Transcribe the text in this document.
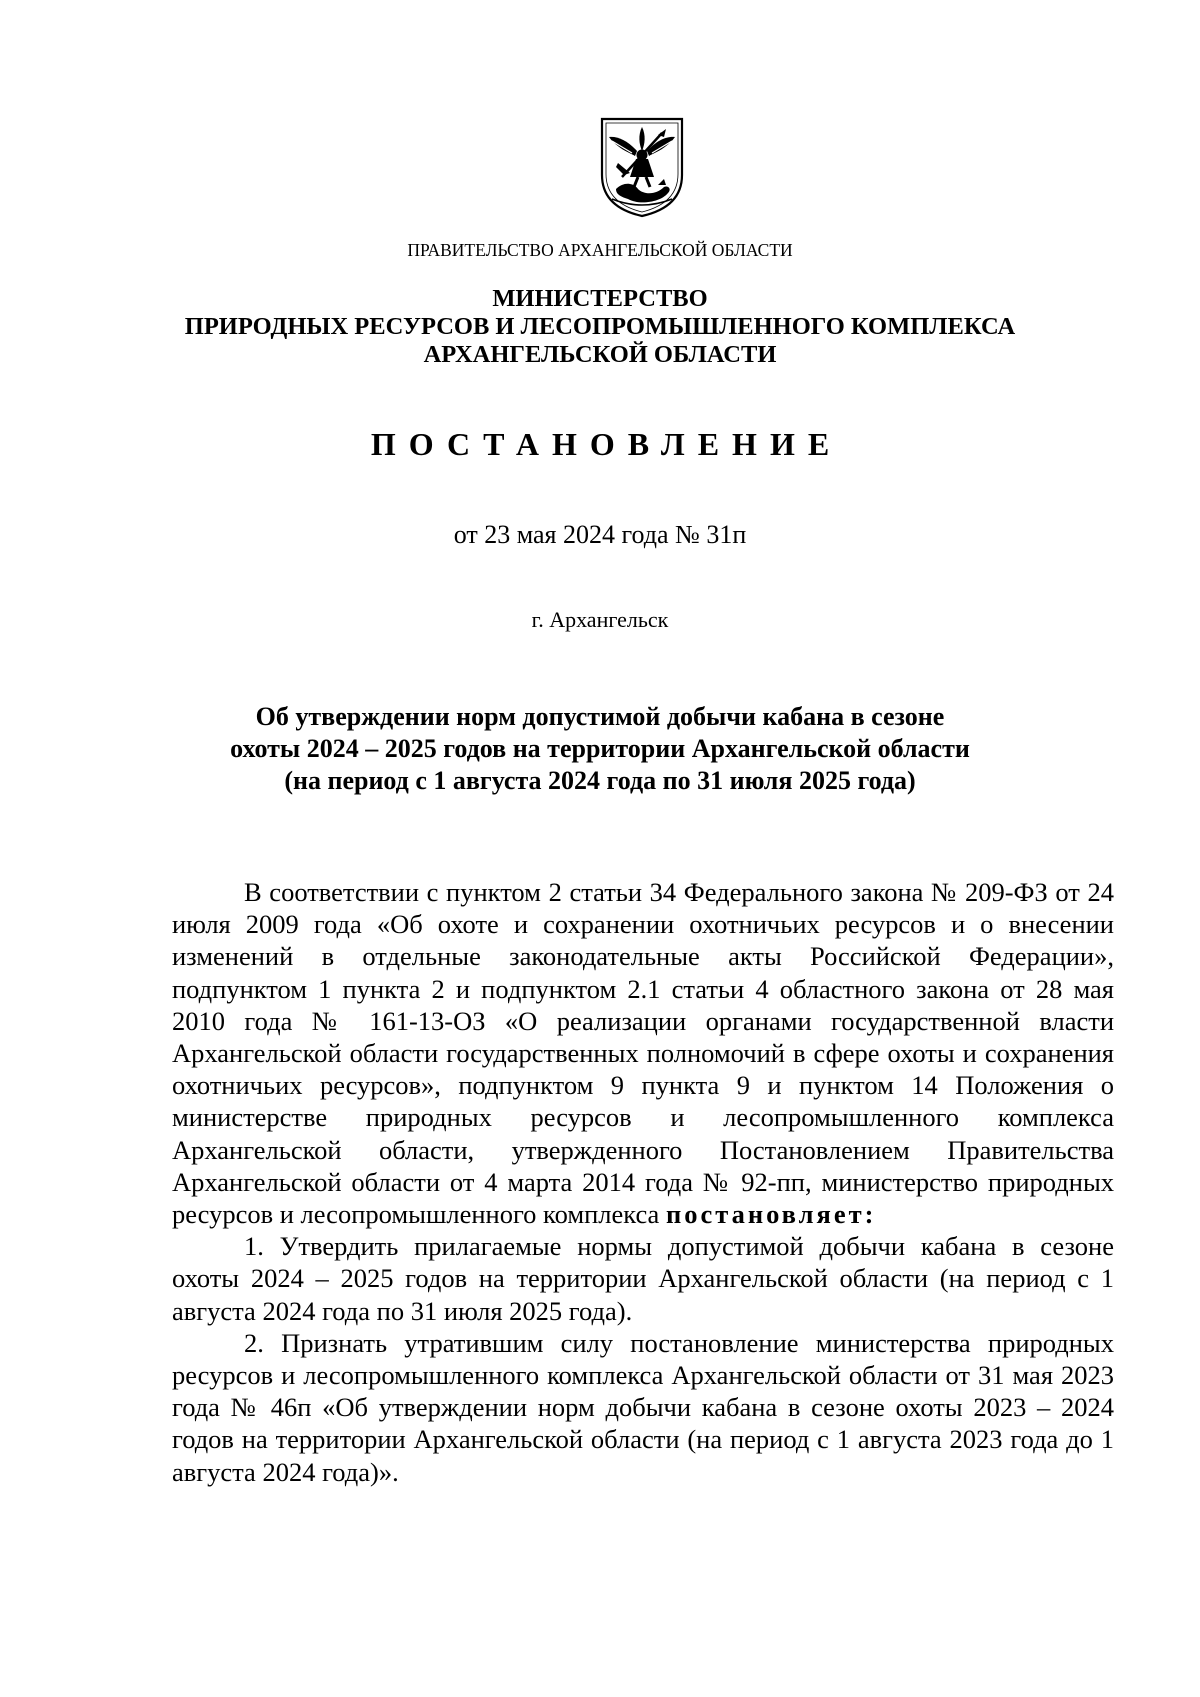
ПРАВИТЕЛЬСТВО АРХАНГЕЛЬСКОЙ ОБЛАСТИ
МИНИСТЕРСТВО
ПРИРОДНЫХ РЕСУРСОВ И ЛЕСОПРОМЫШЛЕННОГО КОМПЛЕКСА
АРХАНГЕЛЬСКОЙ ОБЛАСТИ
ПОСТАНОВЛЕНИЕ
от 23 мая 2024 года № 31п
г. Архангельск
Об утверждении норм допустимой добычи кабана в сезоне
охоты 2024 – 2025 годов на территории Архангельской области
(на период с 1 августа 2024 года по 31 июля 2025 года)

В соответствии с пунктом 2 статьи 34 Федерального закона № 209-ФЗ от 24 июля 2009 года «Об охоте и сохранении охотничьих ресурсов и о внесении изменений в отдельные законодательные акты Российской Федерации», подпунктом 1 пункта 2 и подпунктом 2.1 статьи 4 областного закона от 28 мая 2010 года № 161-13-ОЗ «О реализации органами государственной власти Архангельской области государственных полномочий в сфере охоты и сохранения охотничьих ресурсов», подпунктом 9 пункта 9 и пунктом 14 Положения о министерстве природных ресурсов и лесопромышленного комплекса Архангельской области, утвержденного Постановлением Правительства Архангельской области от 4 марта 2014 года № 92-пп, министерство природных ресурсов и лесопромышленного комплекса постановляет:

1. Утвердить прилагаемые нормы допустимой добычи кабана в сезоне охоты 2024 – 2025 годов на территории Архангельской области (на период с 1 августа 2024 года по 31 июля 2025 года).

2. Признать утратившим силу постановление министерства природных ресурсов и лесопромышленного комплекса Архангельской области от 31 мая 2023 года № 46п «Об утверждении норм добычи кабана в сезоне охоты 2023 – 2024 годов на территории Архангельской области (на период с 1 августа 2023 года до 1 августа 2024 года)».
